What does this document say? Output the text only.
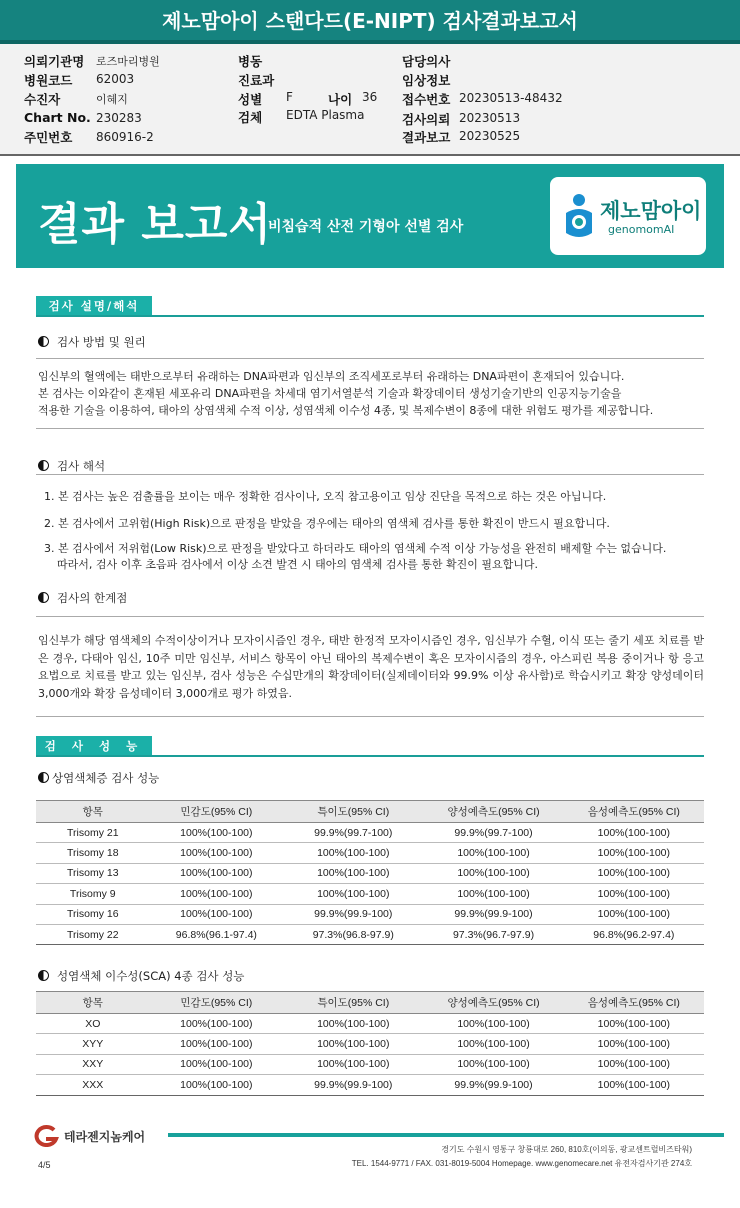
제노맘아이 스탠다드(E-NIPT) 검사결과보고서
의뢰기관명 로즈마리병원
병원코드 62003
수진자	이혜지
Chart No. 230283
주민번호 860916-2
병동
진료과
성별 F	나이 36
검체 EDTA Plasma
담당의사
임상정보
접수번호 20230513-48432
검사의뢰 20230513
결과보고 20230525
결과 보고서
비침습적 산전 기형아 선별 검사
제노맘아이
genomomAI
검사 설명/해석
검사 방법 및 원리
임신부의 혈액에는 태반으로부터 유래하는 DNA파편과 임신부의 조직세포로부터 유래하는 DNA파편이 혼재되어 있습니다.
본 검사는 이와같이 혼재된 세포유리 DNA파편을 차세대 염기서열분석 기술과 확장데이터 생성기술기반의 인공지능기술을
적용한 기술을 이용하여, 태아의 상염색체 수적 이상, 성염색체 이수성 4종, 및 복제수변이 8종에 대한 위험도 평가를 제공합니다.
검사 해석
1. 본 검사는 높은 검출률을 보이는 매우 정확한 검사이나, 오직 참고용이고 임상 진단을 목적으로 하는 것은 아닙니다.
2. 본 검사에서 고위험(High Risk)으로 판정을 받았을 경우에는 태아의 염색체 검사를 통한 확진이 반드시 필요합니다.
3. 본 검사에서 저위험(Low Risk)으로 판정을 받았다고 하더라도 태아의 염색체 수적 이상 가능성을 완전히 배제할 수는 없습니다.
따라서, 검사 이후 초음파 검사에서 이상 소견 발견 시 태아의 염색체 검사를 통한 확진이 필요합니다.
검사의 한계점
임신부가 해당 염색체의 수적이상이거나 모자이시즘인 경우, 태반 한정적 모자이시즘인 경우, 임신부가 수혈, 이식 또는 줄기 세포 치료를 받은 경우, 다태아 임신, 10주 미만 임신부, 서비스 항목이 아닌 태아의 복제수변이 혹은 모자이시즘의 경우, 아스피린 복용 중이거나 항 응고 요법으로 치료를 받고 있는 임신부, 검사 성능은 수십만개의 확장데이터(실제데이터와 99.9% 이상 유사함)로 학습시키고 확장 양성데이터 3,000개와 확장 음성데이터 3,000개로 평가 하였음.
검 사 성 능
상염색체증 검사 성능
항목	민감도(95% CI)	특이도(95% CI)	양성예측도(95% CI)	음성예측도(95% CI)
Trisomy 21	100%(100-100)	99.9%(99.7-100)	99.9%(99.7-100)	100%(100-100)
Trisomy 18	100%(100-100)	100%(100-100)	100%(100-100)	100%(100-100)
Trisomy 13	100%(100-100)	100%(100-100)	100%(100-100)	100%(100-100)
Trisomy 9	100%(100-100)	100%(100-100)	100%(100-100)	100%(100-100)
Trisomy 16	100%(100-100)	99.9%(99.9-100)	99.9%(99.9-100)	100%(100-100)
Trisomy 22	96.8%(96.1-97.4)	97.3%(96.8-97.9)	97.3%(96.7-97.9)	96.8%(96.2-97.4)
성염색체 이수성(SCA) 4종 검사 성능
항목	민감도(95% CI)	특이도(95% CI)	양성예측도(95% CI)	음성예측도(95% CI)
XO	100%(100-100)	100%(100-100)	100%(100-100)	100%(100-100)
XYY	100%(100-100)	100%(100-100)	100%(100-100)	100%(100-100)
XXY	100%(100-100)	100%(100-100)	100%(100-100)	100%(100-100)
XXX	100%(100-100)	99.9%(99.9-100)	99.9%(99.9-100)	100%(100-100)
테라젠지놈케어
경기도 수원시 영통구 창룡대로 260, 810호(이의동, 광교센트럴비즈타워)
TEL. 1544-9771 / FAX. 031-8019-5004 Homepage. www.genomecare.net 유전자검사기관 274호
4/5
